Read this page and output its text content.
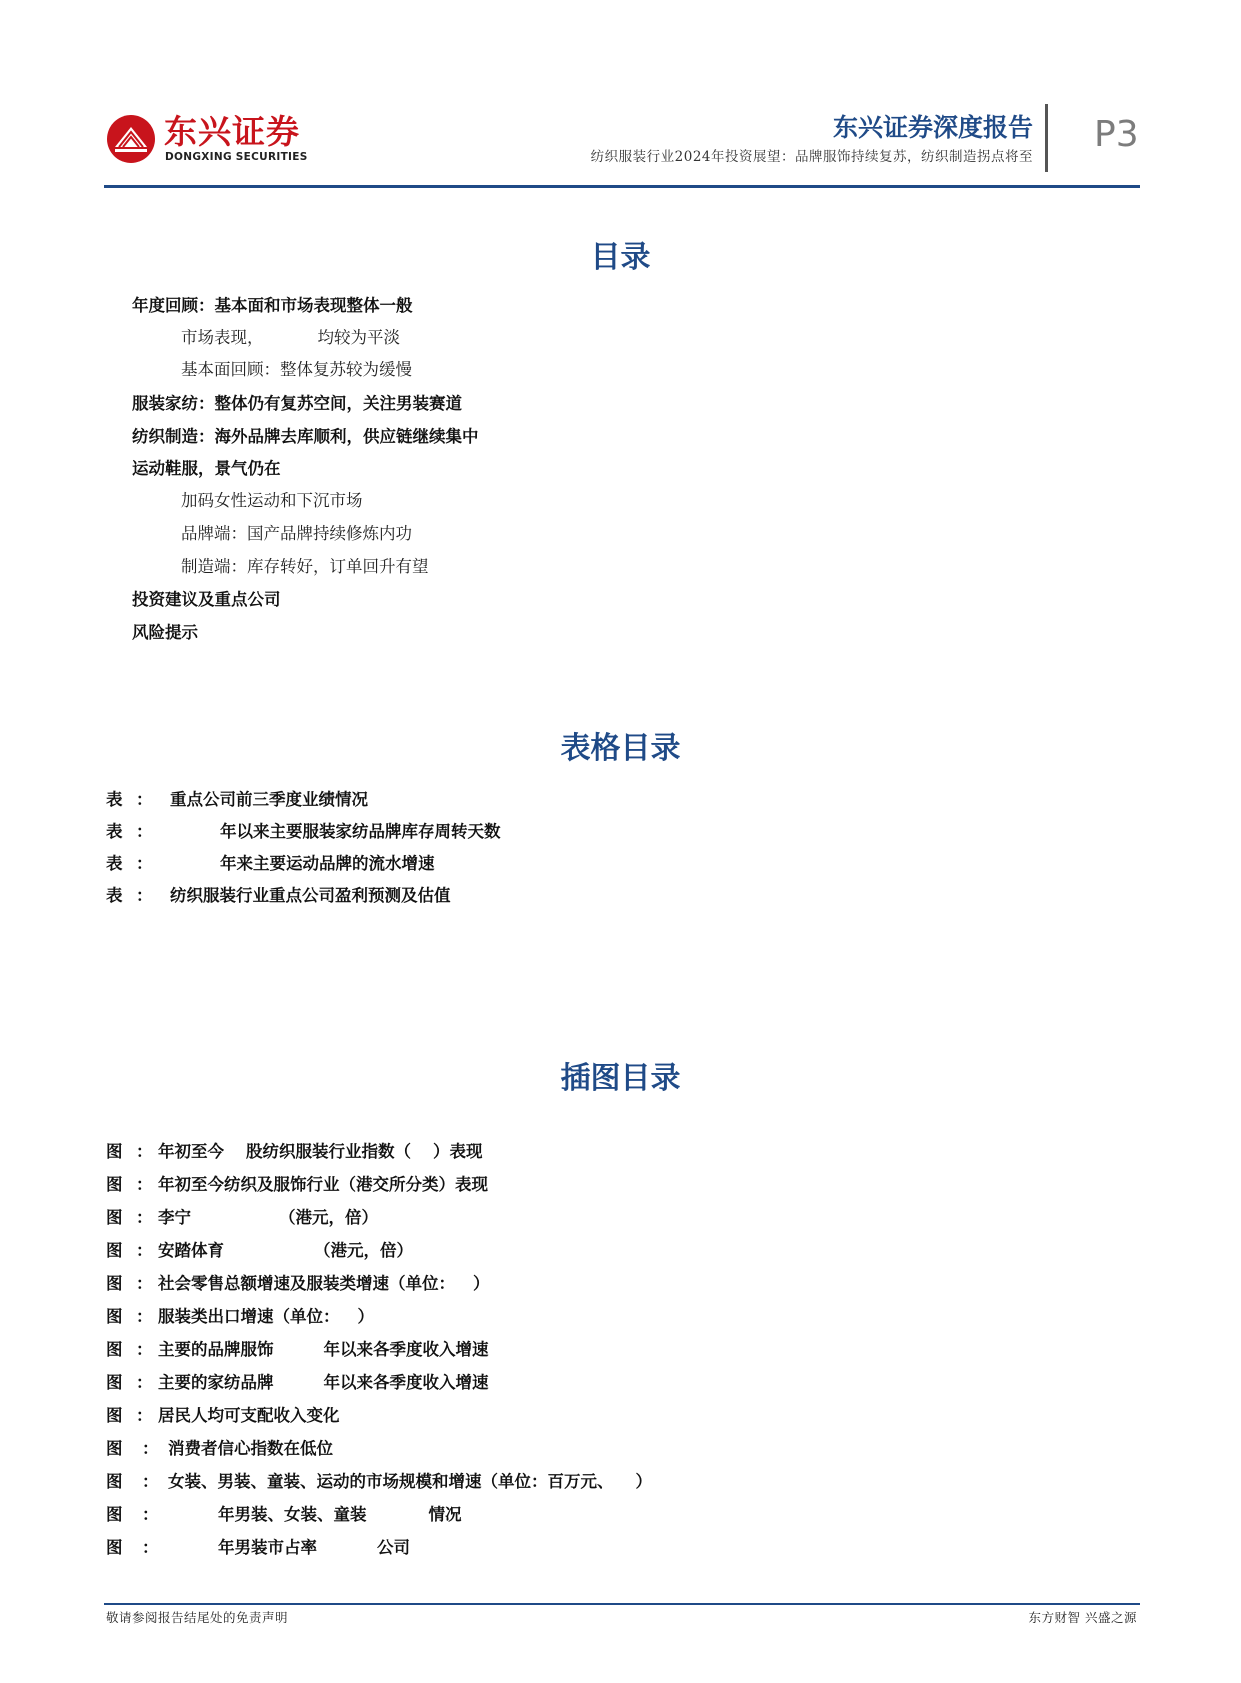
东兴证券
DONGXING SECURITIES
东兴证券深度报告
纺织服装行业2024年投资展望：品牌服饰持续复苏，纺织制造拐点将至
P3
目录
年度回顾：基本面和市场表现整体一般
市场表现，	均较为平淡
基本面回顾：整体复苏较为缓慢
服装家纺：整体仍有复苏空间，关注男装赛道
纺织制造：海外品牌去库顺利，供应链继续集中
运动鞋服，景气仍在
加码女性运动和下沉市场
品牌端：国产品牌持续修炼内功
制造端：库存转好，订单回升有望
投资建议及重点公司
风险提示
表格目录
表 ： 重点公司前三季度业绩情况
表 ：	年以来主要服装家纺品牌库存周转天数
表 ：	年来主要运动品牌的流水增速
表 ： 纺织服装行业重点公司盈利预测及估值
插图目录
图 ： 年初至今 股纺织服装行业指数（ ）表现
图 ： 年初至今纺织及服饰行业（港交所分类）表现
图 ： 李宁	（港元，倍）
图 ： 安踏体育	（港元，倍）
图 ： 社会零售总额增速及服装类增速（单位： ）
图 ： 服装类出口增速（单位： ）
图 ： 主要的品牌服饰	年以来各季度收入增速
图 ： 主要的家纺品牌	年以来各季度收入增速
图 ： 居民人均可支配收入变化
图 ： 消费者信心指数在低位
图 ： 女装、男装、童装、运动的市场规模和增速（单位：百万元、 ）
图 ：	年男装、女装、童装	情况
图 ：	年男装市占率	公司
敬请参阅报告结尾处的免责声明	东方财智 兴盛之源
